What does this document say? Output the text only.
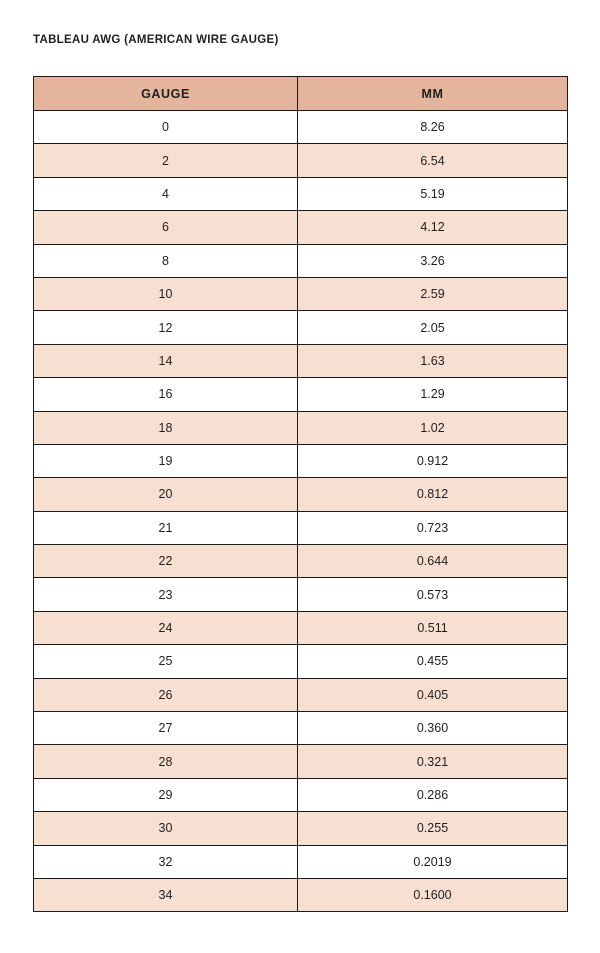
TABLEAU AWG (AMERICAN WIRE GAUGE)
GAUGE	MM
0	8.26
2	6.54
4	5.19
6	4.12
8	3.26
10	2.59
12	2.05
14	1.63
16	1.29
18	1.02
19	0.912
20	0.812
21	0.723
22	0.644
23	0.573
24	0.511
25	0.455
26	0.405
27	0.360
28	0.321
29	0.286
30	0.255
32	0.2019
34	0.1600
